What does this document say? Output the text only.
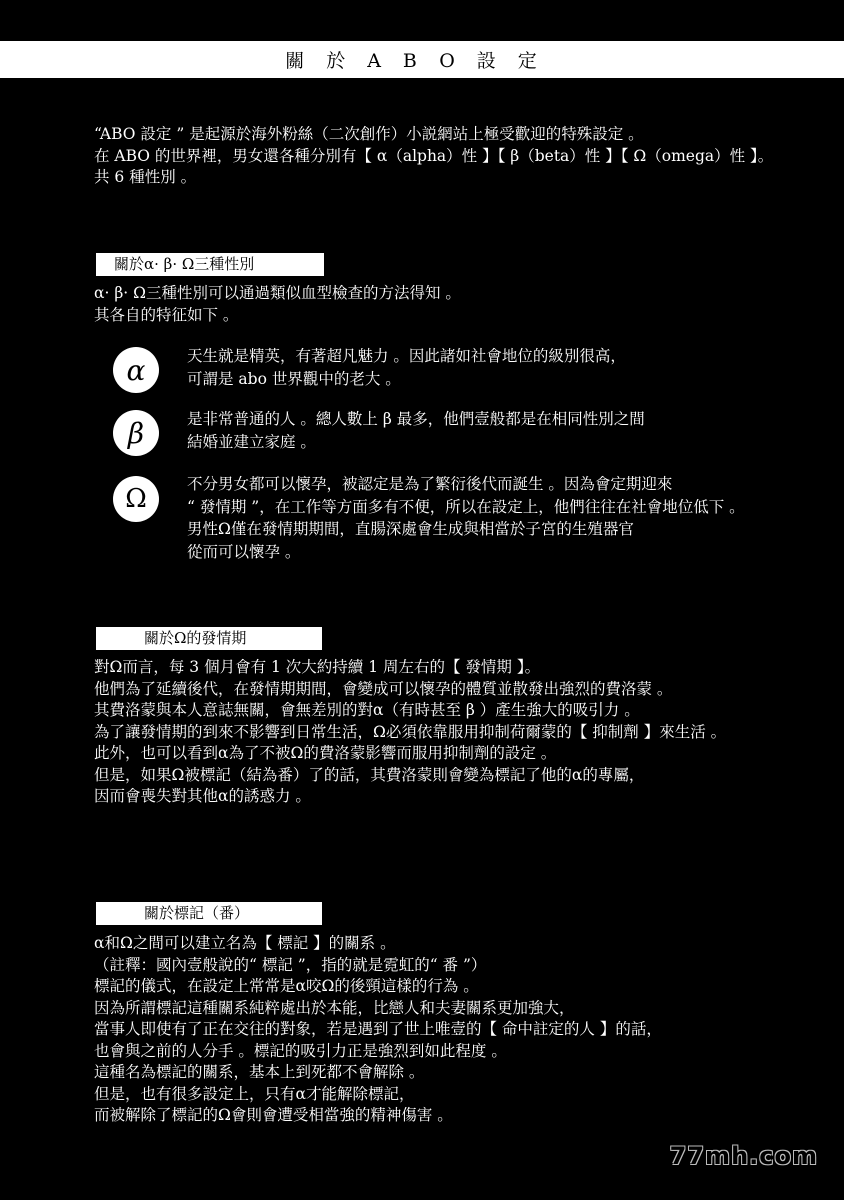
關於ABO設定
“ABO 設定 ” 是起源於海外粉絲（二次創作）小説網站上極受歡迎的特殊設定 。
在 ABO 的世界裡，男女還各種分別有【 α（alpha）性 】【 β（beta）性 】【 Ω（omega）性 】。
共 6 種性別 。
關於α· β· Ω三種性別
α· β· Ω三種性別可以通過類似血型檢查的方法得知 。
其各自的特征如下 。
α	天生就是精英，有著超凡魅力 。因此諸如社會地位的級別很高，
可謂是 abo 世界觀中的老大 。
β	是非常普通的人 。總人數上 β 最多，他們壹般都是在相同性別之間
結婚並建立家庭 。
Ω	不分男女都可以懷孕，被認定是為了繁衍後代而誕生 。因為會定期迎來
“ 發情期 ”，在工作等方面多有不便，所以在設定上，他們往往在社會地位低下 。
男性Ω僅在發情期期間，直腸深處會生成與相當於子宮的生殖器官
從而可以懷孕 。
關於Ω的發情期
對Ω而言，每 3 個月會有 1 次大約持續 1 周左右的【 發情期 】。
他們為了延續後代，在發情期期間，會變成可以懷孕的體質並散發出強烈的費洛蒙 。
其費洛蒙與本人意誌無關，會無差別的對α（有時甚至 β ）產生強大的吸引力 。
為了讓發情期的到來不影響到日常生活，Ω必須依靠服用抑制荷爾蒙的【 抑制劑 】來生活 。
此外，也可以看到α為了不被Ω的費洛蒙影響而服用抑制劑的設定 。
但是，如果Ω被標記（結為番）了的話，其費洛蒙則會變為標記了他的α的專屬，
因而會喪失對其他α的誘惑力 。
關於標記（番）
α和Ω之間可以建立名為【 標記 】的關系 。
（註釋：國內壹般說的“ 標記 ”，指的就是霓虹的“ 番 ”）
標記的儀式，在設定上常常是α咬Ω的後頸這樣的行為 。
因為所謂標記這種關系純粹處出於本能，比戀人和夫妻關系更加強大，
當事人即使有了正在交往的對象，若是遇到了世上唯壹的【 命中註定的人 】的話，
也會與之前的人分手 。標記的吸引力正是強烈到如此程度 。
這種名為標記的關系，基本上到死都不會解除 。
但是，也有很多設定上，只有α才能解除標記，
而被解除了標記的Ω會則會遭受相當強的精神傷害 。
77mh.com
